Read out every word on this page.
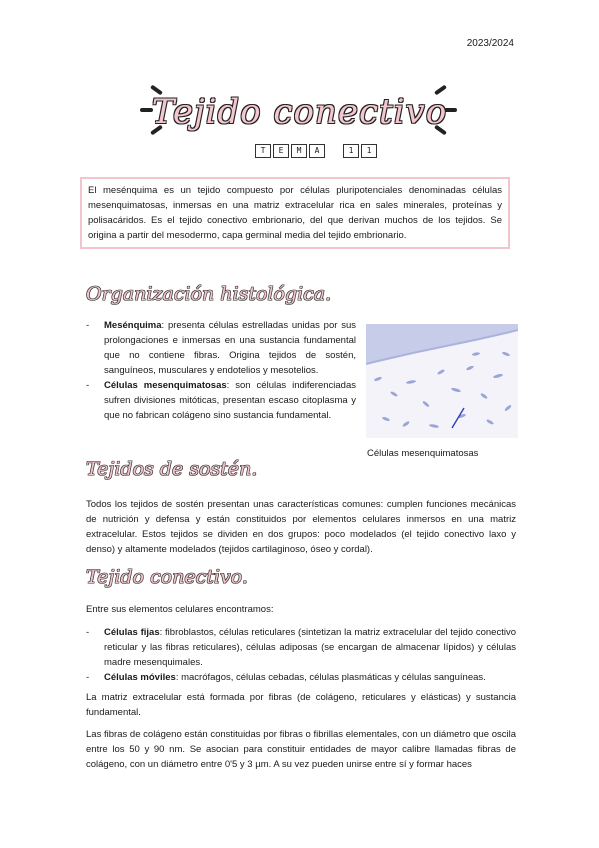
2023/2024
Tejido conectivo
T	E	M	A	1	1
El mesénquima es un tejido compuesto por células pluripotenciales denominadas células mesenquimatosas, inmersas en una matriz extracelular rica en sales minerales, proteínas y polisacáridos. Es el tejido conectivo embrionario, del que derivan muchos de los tejidos. Se origina a partir del mesodermo, capa germinal media del tejido embrionario.
Organización histológica.
- Mesénquima: presenta células estrelladas unidas por sus prolongaciones e inmersas en una sustancia fundamental que no contiene fibras. Origina tejidos de sostén, sanguíneos, musculares y endotelios y mesotelios.
- Células mesenquimatosas: son células indiferenciadas sufren divisiones mitóticas, presentan escaso citoplasma y que no fabrican colágeno sino sustancia fundamental.
Células mesenquimatosas
Tejidos de sostén.
Todos los tejidos de sostén presentan unas características comunes: cumplen funciones mecánicas de nutrición y defensa y están constituidos por elementos celulares inmersos en una matriz extracelular. Estos tejidos se dividen en dos grupos: poco modelados (el tejido conectivo laxo y denso) y altamente modelados (tejidos cartilaginoso, óseo y cordal).
Tejido conectivo.
Entre sus elementos celulares encontramos:
- Células fijas: fibroblastos, células reticulares (sintetizan la matriz extracelular del tejido conectivo reticular y las fibras reticulares), células adiposas (se encargan de almacenar lípidos) y células madre mesenquimales.
- Células móviles: macrófagos, células cebadas, células plasmáticas y células sanguíneas.
La matriz extracelular está formada por fibras (de colágeno, reticulares y elásticas) y sustancia fundamental.
Las fibras de colágeno están constituidas por fibras o fibrillas elementales, con un diámetro que oscila entre los 50 y 90 nm. Se asocian para constituir entidades de mayor calibre llamadas fibras de colágeno, con un diámetro entre 0'5 y 3 µm. A su vez pueden unirse entre sí y formar haces
